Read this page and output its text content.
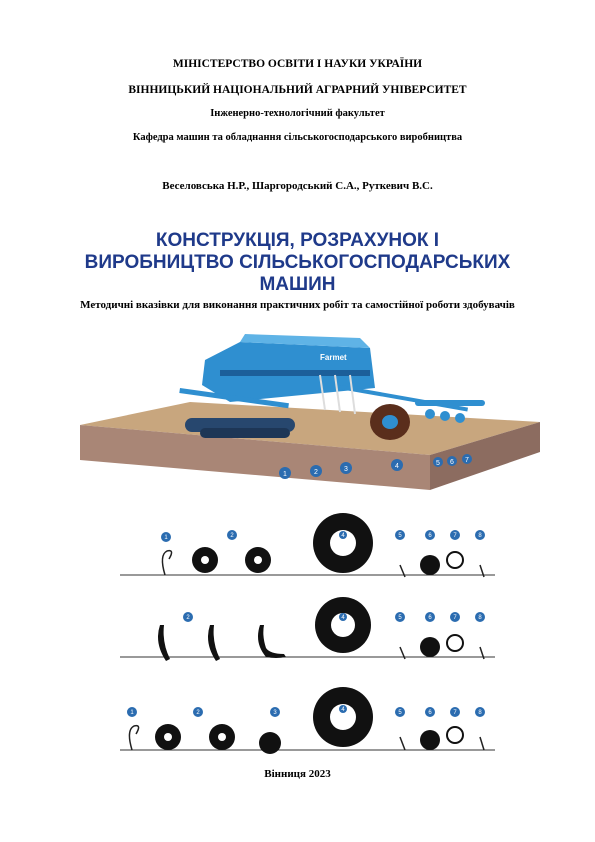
МІНІСТЕРСТВО ОСВІТИ І НАУКИ УКРАЇНИ
ВІННИЦЬКИЙ НАЦІОНАЛЬНИЙ АГРАРНИЙ УНІВЕРСИТЕТ
Інженерно-технологічний факультет
Кафедра машин та обладнання сільськогосподарського виробництва
Веселовська Н.Р., Шаргородський С.А., Руткевич В.С.
КОНСТРУКЦІЯ, РОЗРАХУНОК І
ВИРОБНИЦТВО СІЛЬСЬКОГОСПОДАРСЬКИХ
МАШИН
Методичні вказівки для виконання практичних робіт та самостійної роботи здобувачів
Farmet
1	2	3	4	5 6 7
1	2	4	5	6	7	8
2	4	5	6	7	8
1	2	3	4	5	6	7	8
Вінниця 2023
